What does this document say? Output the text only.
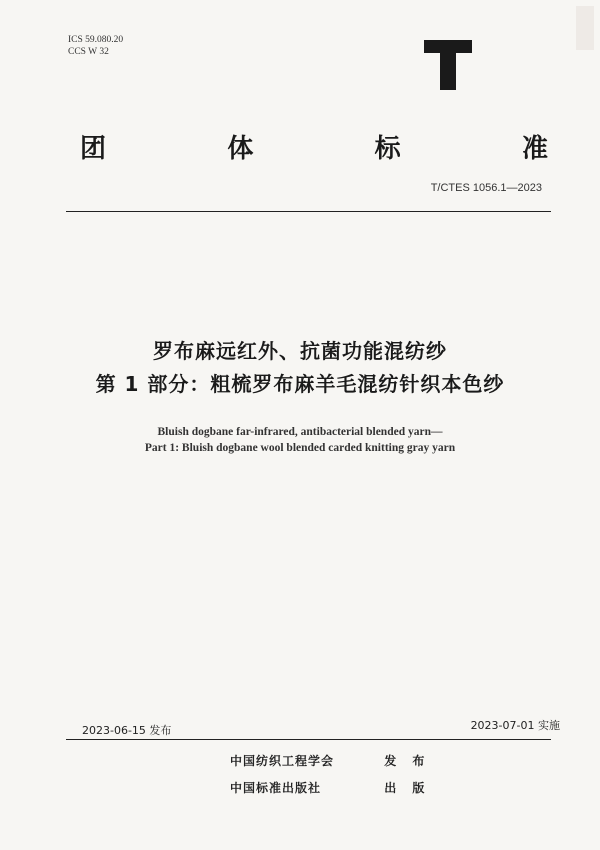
ICS 59.080.20
CCS W 32
团	体	标	准
T/CTES 1056.1—2023
罗布麻远红外、抗菌功能混纺纱
第 1 部分：粗梳罗布麻羊毛混纺针织本色纱
Bluish dogbane far-infrared, antibacterial blended yarn—
Part 1: Bluish dogbane wool blended carded knitting gray yarn
2023-06-15 发布	2023-07-01 实施
中国纺织工程学会	发 布
中国标准出版社	出 版
